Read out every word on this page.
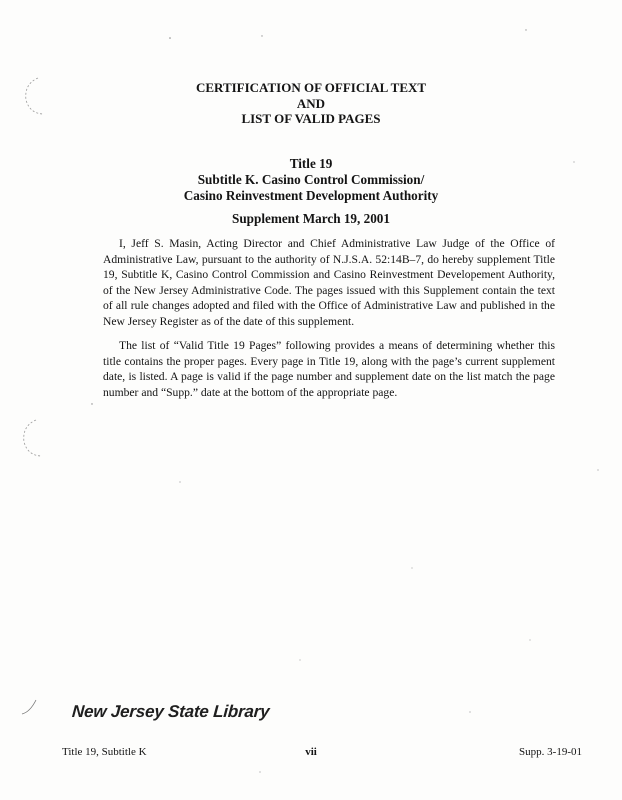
CERTIFICATION OF OFFICIAL TEXT
AND
LIST OF VALID PAGES
Title 19
Subtitle K. Casino Control Commission/
Casino Reinvestment Development Authority
Supplement March 19, 2001

I, Jeff S. Masin, Acting Director and Chief Administrative Law Judge of the Office of Administrative Law, pursuant to the authority of N.J.S.A. 52:14B–7, do hereby supplement Title 19, Subtitle K, Casino Control Commission and Casino Reinvestment Developement Authority, of the New Jersey Administrative Code. The pages issued with this Supplement contain the text of all rule changes adopted and filed with the Office of Administrative Law and published in the New Jersey Register as of the date of this supplement.

The list of “Valid Title 19 Pages” following provides a means of determining whether this title contains the proper pages. Every page in Title 19, along with the page’s current supplement date, is listed. A page is valid if the page number and supplement date on the list match the page number and “Supp.” date at the bottom of the appropriate page.

New Jersey State Library
Title 19, Subtitle K	vii	Supp. 3-19-01
